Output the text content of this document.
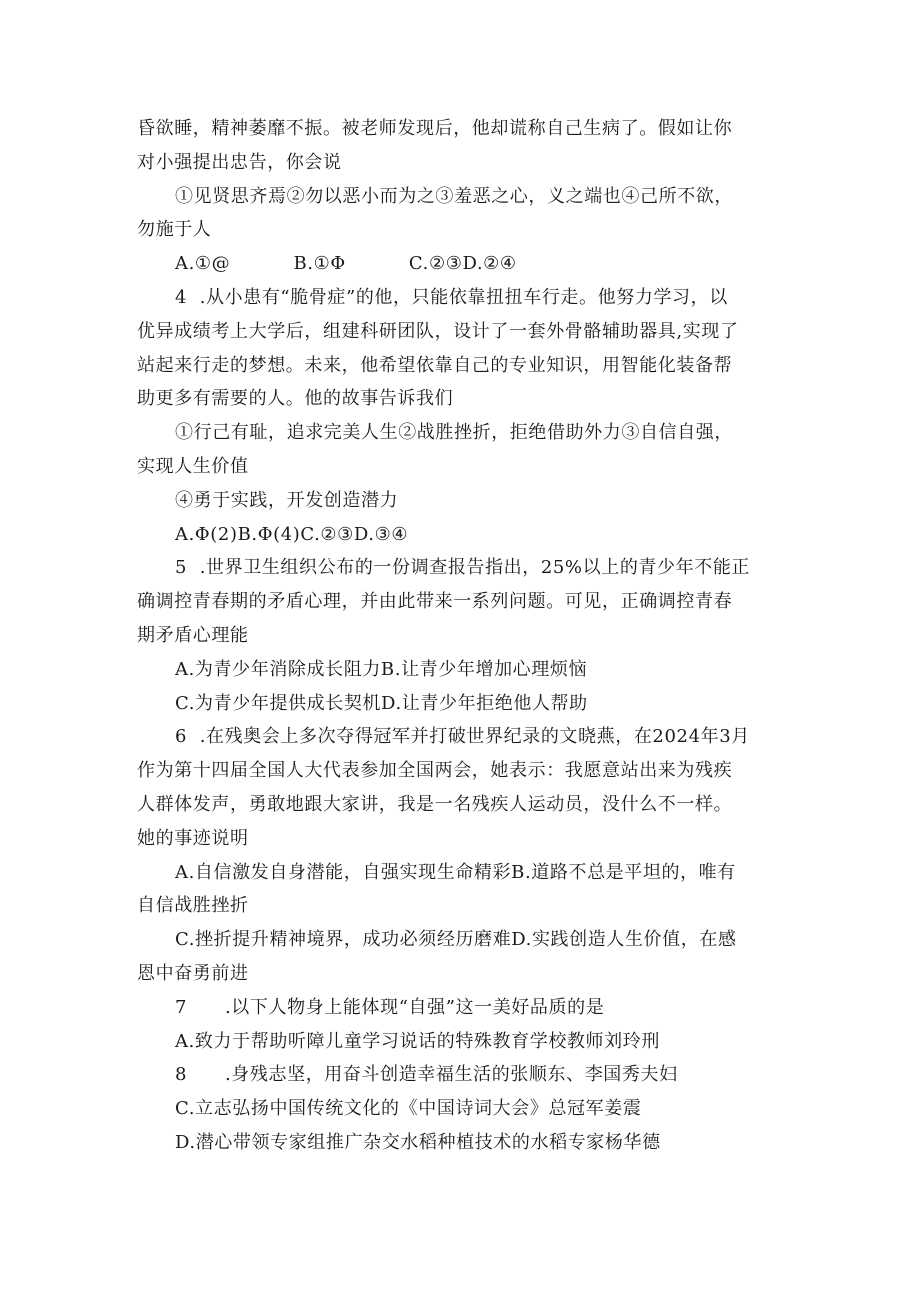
昏欲睡，精神萎靡不振。被老师发现后，他却谎称自己生病了。假如让你
对小强提出忠告，你会说
①见贤思齐焉②勿以恶小而为之③羞恶之心，义之端也④己所不欲，
勿施于人
A.①@          B.①Φ          C.②③D.②④
4  .从小患有“脆骨症”的他，只能依靠扭扭车行走。他努力学习，以
优异成绩考上大学后，组建科研团队，设计了一套外骨骼辅助器具,实现了
站起来行走的梦想。未来，他希望依靠自己的专业知识，用智能化装备帮
助更多有需要的人。他的故事告诉我们
①行己有耻，追求完美人生②战胜挫折，拒绝借助外力③自信自强，
实现人生价值
④勇于实践，开发创造潜力
A.Φ(2)B.Φ(4)C.②③D.③④
5  .世界卫生组织公布的一份调查报告指出，25%以上的青少年不能正
确调控青春期的矛盾心理，并由此带来一系列问题。可见，正确调控青春
期矛盾心理能
A.为青少年消除成长阻力B.让青少年增加心理烦恼
C.为青少年提供成长契机D.让青少年拒绝他人帮助
6  .在残奥会上多次夺得冠军并打破世界纪录的文晓燕，在2024年3月
作为第十四届全国人大代表参加全国两会，她表示：我愿意站出来为残疾
人群体发声，勇敢地跟大家讲，我是一名残疾人运动员，没什么不一样。
她的事迹说明
A.自信激发自身潜能，自强实现生命精彩B.道路不总是平坦的，唯有
自信战胜挫折
C.挫折提升精神境界，成功必须经历磨难D.实践创造人生价值，在感
恩中奋勇前进
7      .以下人物身上能体现“自强”这一美好品质的是
A.致力于帮助听障儿童学习说话的特殊教育学校教师刘玲刑
8      .身残志坚，用奋斗创造幸福生活的张顺东、李国秀夫妇
C.立志弘扬中国传统文化的《中国诗词大会》总冠军姜震
D.潜心带领专家组推广杂交水稻种植技术的水稻专家杨华德
